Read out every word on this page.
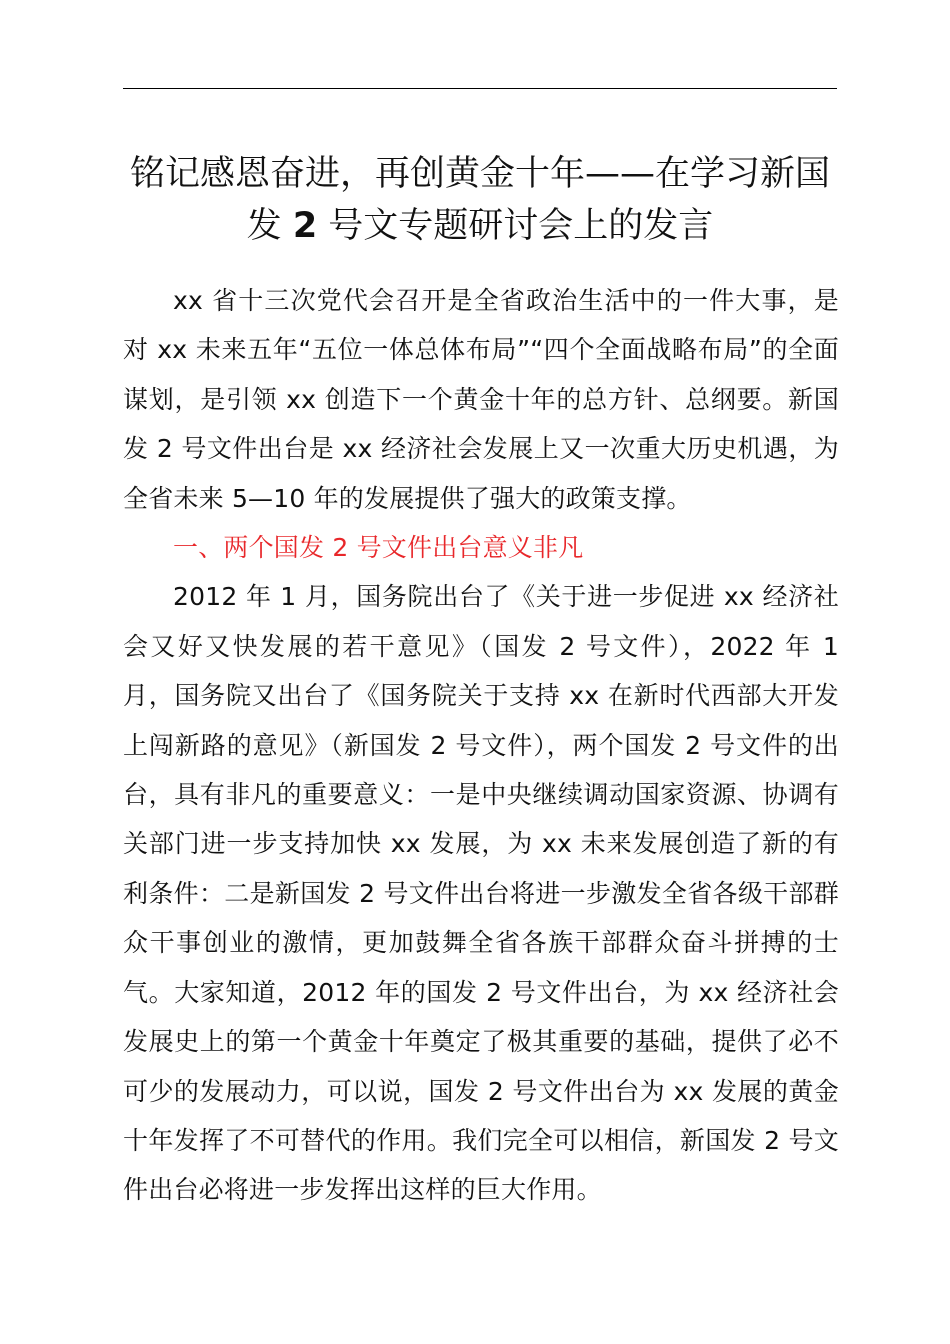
铭记感恩奋进，再创黄金十年——在学习新国
发 2 号文专题研讨会上的发言

xx 省十三次党代会召开是全省政治生活中的一件大事，是对 xx 未来五年“五位一体总体布局”“四个全面战略布局”的全面谋划，是引领 xx 创造下一个黄金十年的总方针、总纲要。新国发 2 号文件出台是 xx 经济社会发展上又一次重大历史机遇，为全省未来 5—10 年的发展提供了强大的政策支撑。

一、两个国发 2 号文件出台意义非凡

2012 年 1 月，国务院出台了《关于进一步促进 xx 经济社会又好又快发展的若干意见》（国发 2 号文件），2022 年 1 月，国务院又出台了《国务院关于支持 xx 在新时代西部大开发上闯新路的意见》（新国发 2 号文件），两个国发 2 号文件的出台，具有非凡的重要意义：一是中央继续调动国家资源、协调有关部门进一步支持加快 xx 发展，为 xx 未来发展创造了新的有利条件：二是新国发 2 号文件出台将进一步激发全省各级干部群众干事创业的激情，更加鼓舞全省各族干部群众奋斗拼搏的士气。大家知道，2012 年的国发 2 号文件出台，为 xx 经济社会发展史上的第一个黄金十年奠定了极其重要的基础，提供了必不可少的发展动力，可以说，国发 2 号文件出台为 xx 发展的黄金十年发挥了不可替代的作用。我们完全可以相信，新国发 2 号文件出台必将进一步发挥出这样的巨大作用。
